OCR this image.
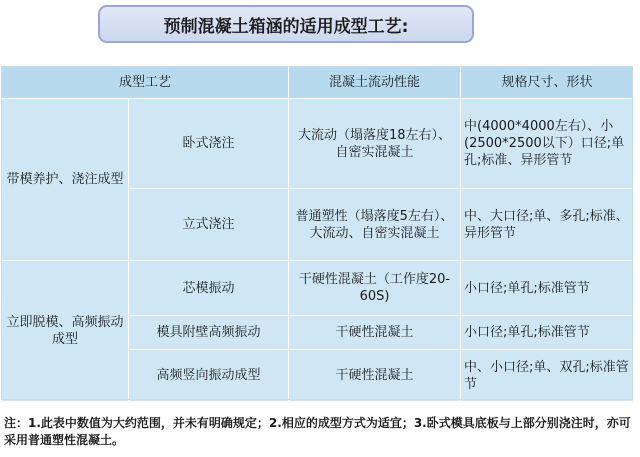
预制混凝土箱涵的适用成型工艺:
成型工艺		混凝土流动性能	规格尺寸、形状
带模养护、浇注成型	卧式浇注	大流动（塌落度18左右）、自密实混凝土	中(4000*4000左右）、小(2500*2500以下）口径;单孔;标准、异形管节
	立式浇注	普通塑性（塌落度5左右）、大流动、自密实混凝土	中、大口径;单、多孔;标准、异形管节
立即脱模、高频振动成型	芯模振动	干硬性混凝土（工作度20-60S)	小口径;单孔;标准管节
	模具附壁高频振动	干硬性混凝土	小口径;单孔;标准管节
	高频竖向振动成型	干硬性混凝土	中、小口径;单、双孔;标准管节
注：1.此表中数值为大约范围，并未有明确规定；2.相应的成型方式为适宜；3.卧式模具底板与上部分别浇注时，亦可采用普通塑性混凝土。
